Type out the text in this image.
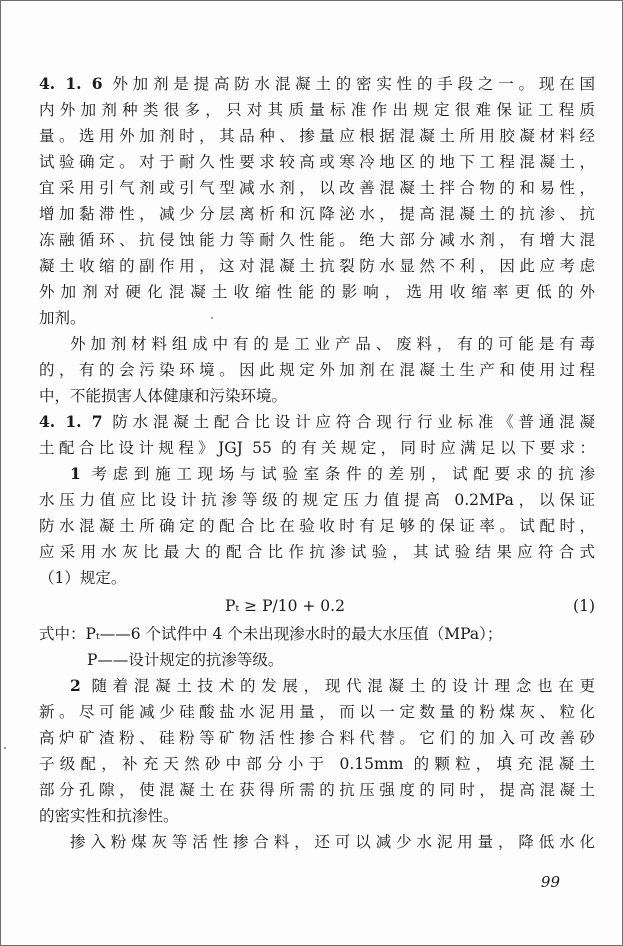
4. 1. 6 外加剂是提高防水混凝土的密实性的手段之一。现在国
内外加剂种类很多，只对其质量标准作出规定很难保证工程质
量。选用外加剂时，其品种、掺量应根据混凝土所用胶凝材料经
试验确定。对于耐久性要求较高或寒冷地区的地下工程混凝土，
宜采用引气剂或引气型减水剂，以改善混凝土拌合物的和易性，
增加黏滞性，减少分层离析和沉降泌水，提高混凝土的抗渗、抗
冻融循环、抗侵蚀能力等耐久性能。绝大部分减水剂，有增大混
凝土收缩的副作用，这对混凝土抗裂防水显然不利，因此应考虑
外加剂对硬化混凝土收缩性能的影响，选用收缩率更低的外
加剂。
外加剂材料组成中有的是工业产品、废料，有的可能是有毒
的，有的会污染环境。因此规定外加剂在混凝土生产和使用过程
中，不能损害人体健康和污染环境。
4. 1. 7 防水混凝土配合比设计应符合现行行业标准《普通混凝
土配合比设计规程》JGJ 55 的有关规定，同时应满足以下要求：
1 考虑到施工现场与试验室条件的差别，试配要求的抗渗
水压力值应比设计抗渗等级的规定压力值提高 0.2MPa，以保证
防水混凝土所确定的配合比在验收时有足够的保证率。试配时，
应采用水灰比最大的配合比作抗渗试验，其试验结果应符合式
（1）规定。
Pₜ ≥ P/10 + 0.2	(1)
式中：Pₜ——6 个试件中 4 个未出现渗水时的最大水压值（MPa）；
P——设计规定的抗渗等级。
2 随着混凝土技术的发展，现代混凝土的设计理念也在更
新。尽可能减少硅酸盐水泥用量，而以一定数量的粉煤灰、粒化
高炉矿渣粉、硅粉等矿物活性掺合料代替。它们的加入可改善砂
子级配，补充天然砂中部分小于 0.15mm 的颗粒，填充混凝土
部分孔隙，使混凝土在获得所需的抗压强度的同时，提高混凝土
的密实性和抗渗性。
掺入粉煤灰等活性掺合料，还可以减少水泥用量，降低水化
99
